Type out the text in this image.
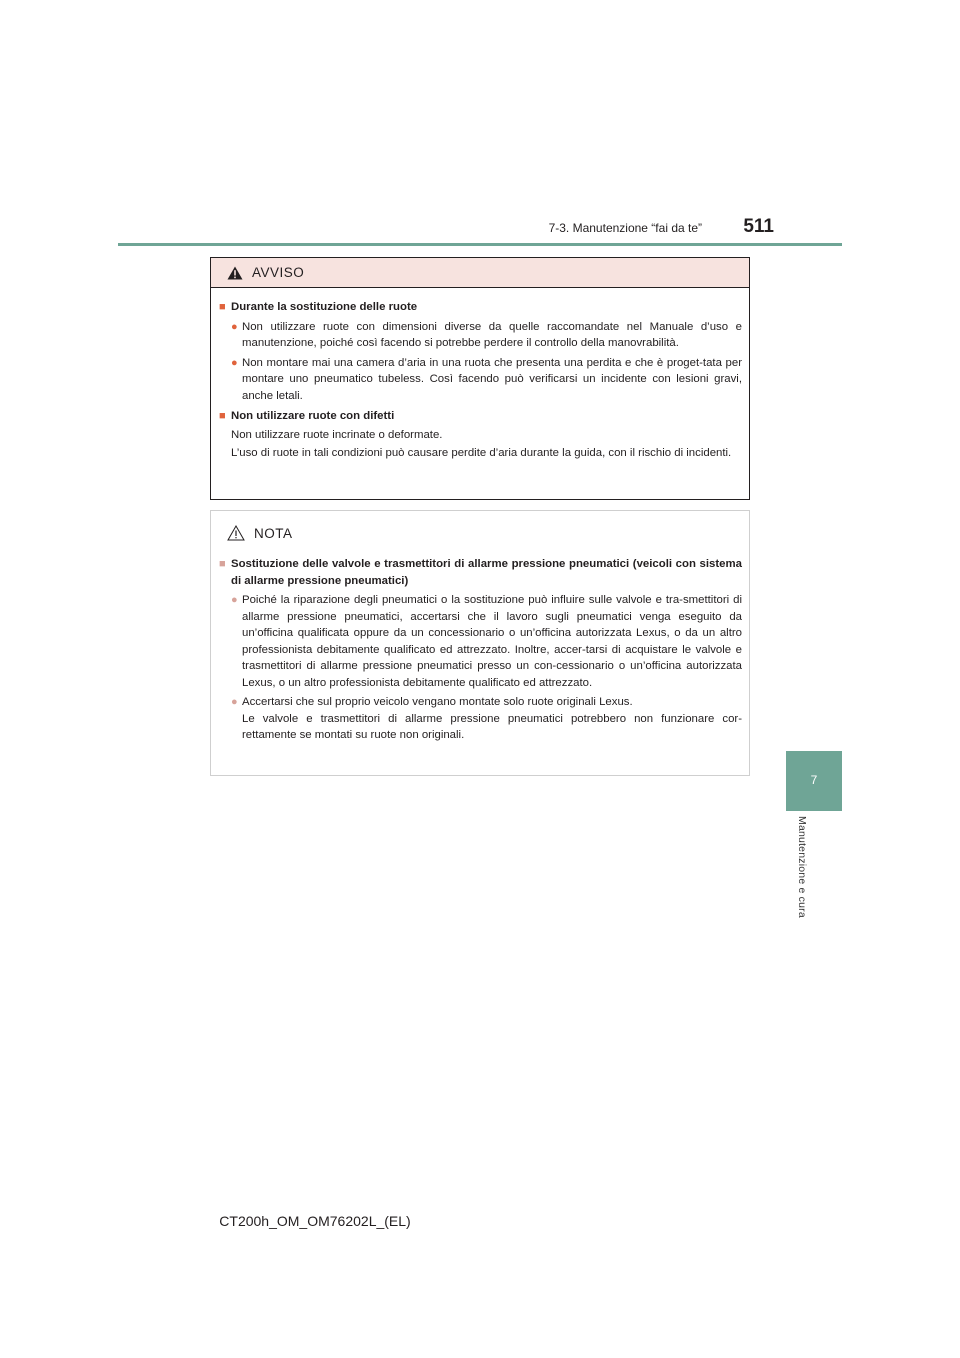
7-3. Manutenzione “fai da te”	511
7
Manutenzione e cura
AVVISO
■ Durante la sostituzione delle ruote
● Non utilizzare ruote con dimensioni diverse da quelle raccomandate nel Manuale d’uso e manutenzione, poiché così facendo si potrebbe perdere il controllo della manovrabilità.
● Non montare mai una camera d’aria in una ruota che presenta una perdita e che è proget-tata per montare uno pneumatico tubeless. Così facendo può verificarsi un incidente con lesioni gravi, anche letali.
■ Non utilizzare ruote con difetti
Non utilizzare ruote incrinate o deformate.
L’uso di ruote in tali condizioni può causare perdite d’aria durante la guida, con il rischio di incidenti.
NOTA
■ Sostituzione delle valvole e trasmettitori di allarme pressione pneumatici (veicoli con sistema di allarme pressione pneumatici)
● Poiché la riparazione degli pneumatici o la sostituzione può influire sulle valvole e tra-smettitori di allarme pressione pneumatici, accertarsi che il lavoro sugli pneumatici venga eseguito da un’officina qualificata oppure da un concessionario o un’officina autorizzata Lexus, o da un altro professionista debitamente qualificato ed attrezzato. Inoltre, accer-tarsi di acquistare le valvole e trasmettitori di allarme pressione pneumatici presso un con-cessionario o un’officina autorizzata Lexus, o un altro professionista debitamente qualificato ed attrezzato.
● Accertarsi che sul proprio veicolo vengano montate solo ruote originali Lexus.
Le valvole e trasmettitori di allarme pressione pneumatici potrebbero non funzionare cor-rettamente se montati su ruote non originali.
CT200h_OM_OM76202L_(EL)
